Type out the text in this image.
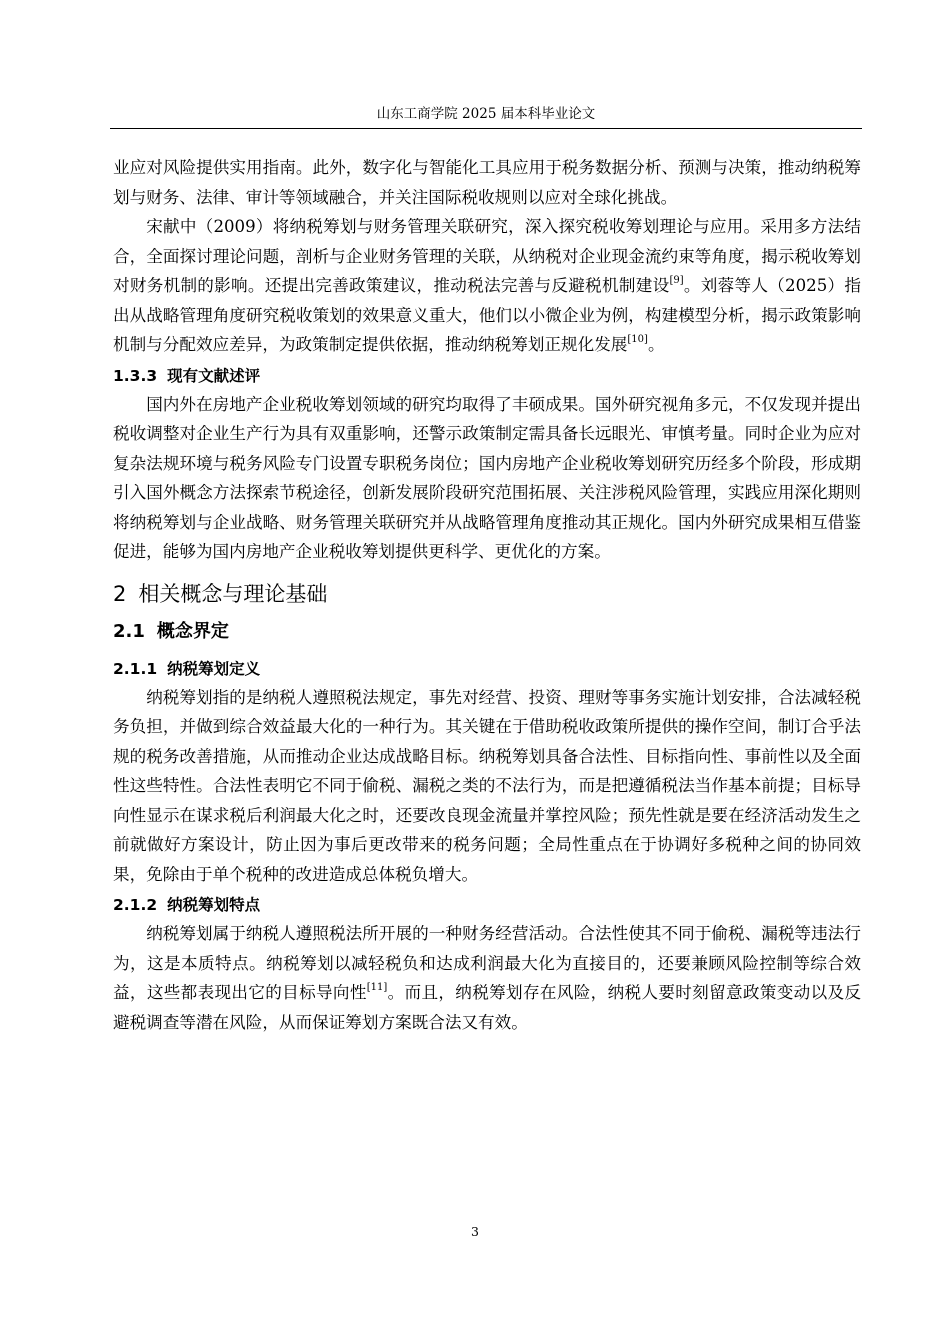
山东工商学院 2025 届本科毕业论文

业应对风险提供实用指南。此外，数字化与智能化工具应用于税务数据分析、预测与决策，推动纳税筹划与财务、法律、审计等领域融合，并关注国际税收规则以应对全球化挑战。

宋献中（2009）将纳税筹划与财务管理关联研究，深入探究税收筹划理论与应用。采用多方法结合，全面探讨理论问题，剖析与企业财务管理的关联，从纳税对企业现金流约束等角度，揭示税收筹划对财务机制的影响。还提出完善政策建议，推动税法完善与反避税机制建设[9]。刘蓉等人（2025）指出从战略管理角度研究税收策划的效果意义重大，他们以小微企业为例，构建模型分析，揭示政策影响机制与分配效应差异，为政策制定提供依据，推动纳税筹划正规化发展[10]。

1.3.3 现有文献述评

国内外在房地产企业税收筹划领域的研究均取得了丰硕成果。国外研究视角多元，不仅发现并提出税收调整对企业生产行为具有双重影响，还警示政策制定需具备长远眼光、审慎考量。同时企业为应对复杂法规环境与税务风险专门设置专职税务岗位；国内房地产企业税收筹划研究历经多个阶段，形成期引入国外概念方法探索节税途径，创新发展阶段研究范围拓展、关注涉税风险管理，实践应用深化期则将纳税筹划与企业战略、财务管理关联研究并从战略管理角度推动其正规化。国内外研究成果相互借鉴促进，能够为国内房地产企业税收筹划提供更科学、更优化的方案。

2 相关概念与理论基础
2.1 概念界定
2.1.1 纳税筹划定义

纳税筹划指的是纳税人遵照税法规定，事先对经营、投资、理财等事务实施计划安排，合法减轻税务负担，并做到综合效益最大化的一种行为。其关键在于借助税收政策所提供的操作空间，制订合乎法规的税务改善措施，从而推动企业达成战略目标。纳税筹划具备合法性、目标指向性、事前性以及全面性这些特性。合法性表明它不同于偷税、漏税之类的不法行为，而是把遵循税法当作基本前提；目标导向性显示在谋求税后利润最大化之时，还要改良现金流量并掌控风险；预先性就是要在经济活动发生之前就做好方案设计，防止因为事后更改带来的税务问题；全局性重点在于协调好多税种之间的协同效果，免除由于单个税种的改进造成总体税负增大。

2.1.2 纳税筹划特点

纳税筹划属于纳税人遵照税法所开展的一种财务经营活动。合法性使其不同于偷税、漏税等违法行为，这是本质特点。纳税筹划以减轻税负和达成利润最大化为直接目的，还要兼顾风险控制等综合效益，这些都表现出它的目标导向性[11]。而且，纳税筹划存在风险，纳税人要时刻留意政策变动以及反避税调查等潜在风险，从而保证筹划方案既合法又有效。

3
